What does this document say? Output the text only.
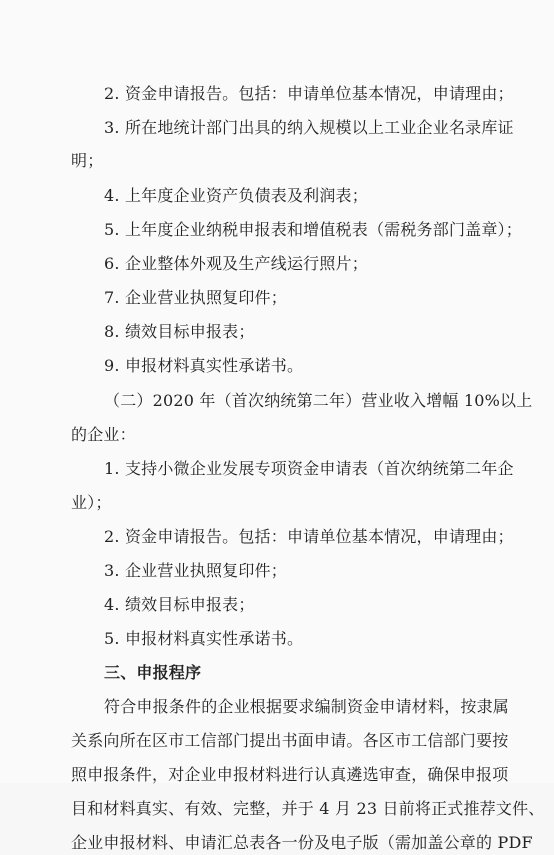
2. 资金申请报告。包括：申请单位基本情况，申请理由；
3. 所在地统计部门出具的纳入规模以上工业企业名录库证
明；
4. 上年度企业资产负债表及利润表；
5. 上年度企业纳税申报表和增值税表（需税务部门盖章）；
6. 企业整体外观及生产线运行照片；
7. 企业营业执照复印件；
8. 绩效目标申报表；
9. 申报材料真实性承诺书。
（二）2020 年（首次纳统第二年）营业收入增幅 10%以上
的企业：
1. 支持小微企业发展专项资金申请表（首次纳统第二年企
业）；
2. 资金申请报告。包括：申请单位基本情况，申请理由；
3. 企业营业执照复印件；
4. 绩效目标申报表；
5. 申报材料真实性承诺书。
三、申报程序
符合申报条件的企业根据要求编制资金申请材料，按隶属
关系向所在区市工信部门提出书面申请。各区市工信部门要按
照申报条件，对企业申报材料进行认真遴选审查，确保申报项
目和材料真实、有效、完整，并于 4 月 23 日前将正式推荐文件、
企业申报材料、申请汇总表各一份及电子版（需加盖公章的 PDF
